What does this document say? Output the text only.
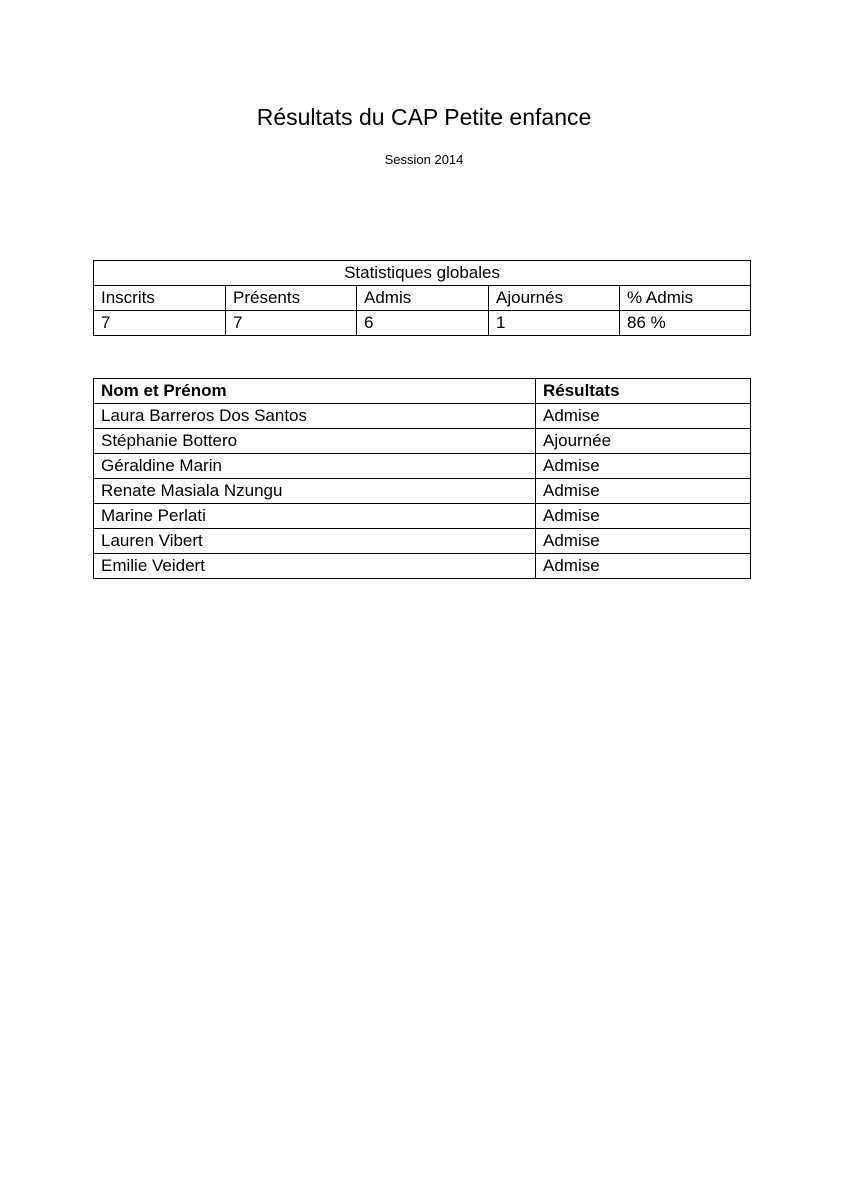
Résultats du CAP Petite enfance
Session 2014
Statistiques globales				
Inscrits	Présents	Admis	Ajournés	% Admis
7	7	6	1	86 %
Nom et Prénom	Résultats
Laura Barreros Dos Santos	Admise
Stéphanie Bottero	Ajournée
Géraldine Marin	Admise
Renate Masiala Nzungu	Admise
Marine Perlati	Admise
Lauren Vibert	Admise
Emilie Veidert	Admise
